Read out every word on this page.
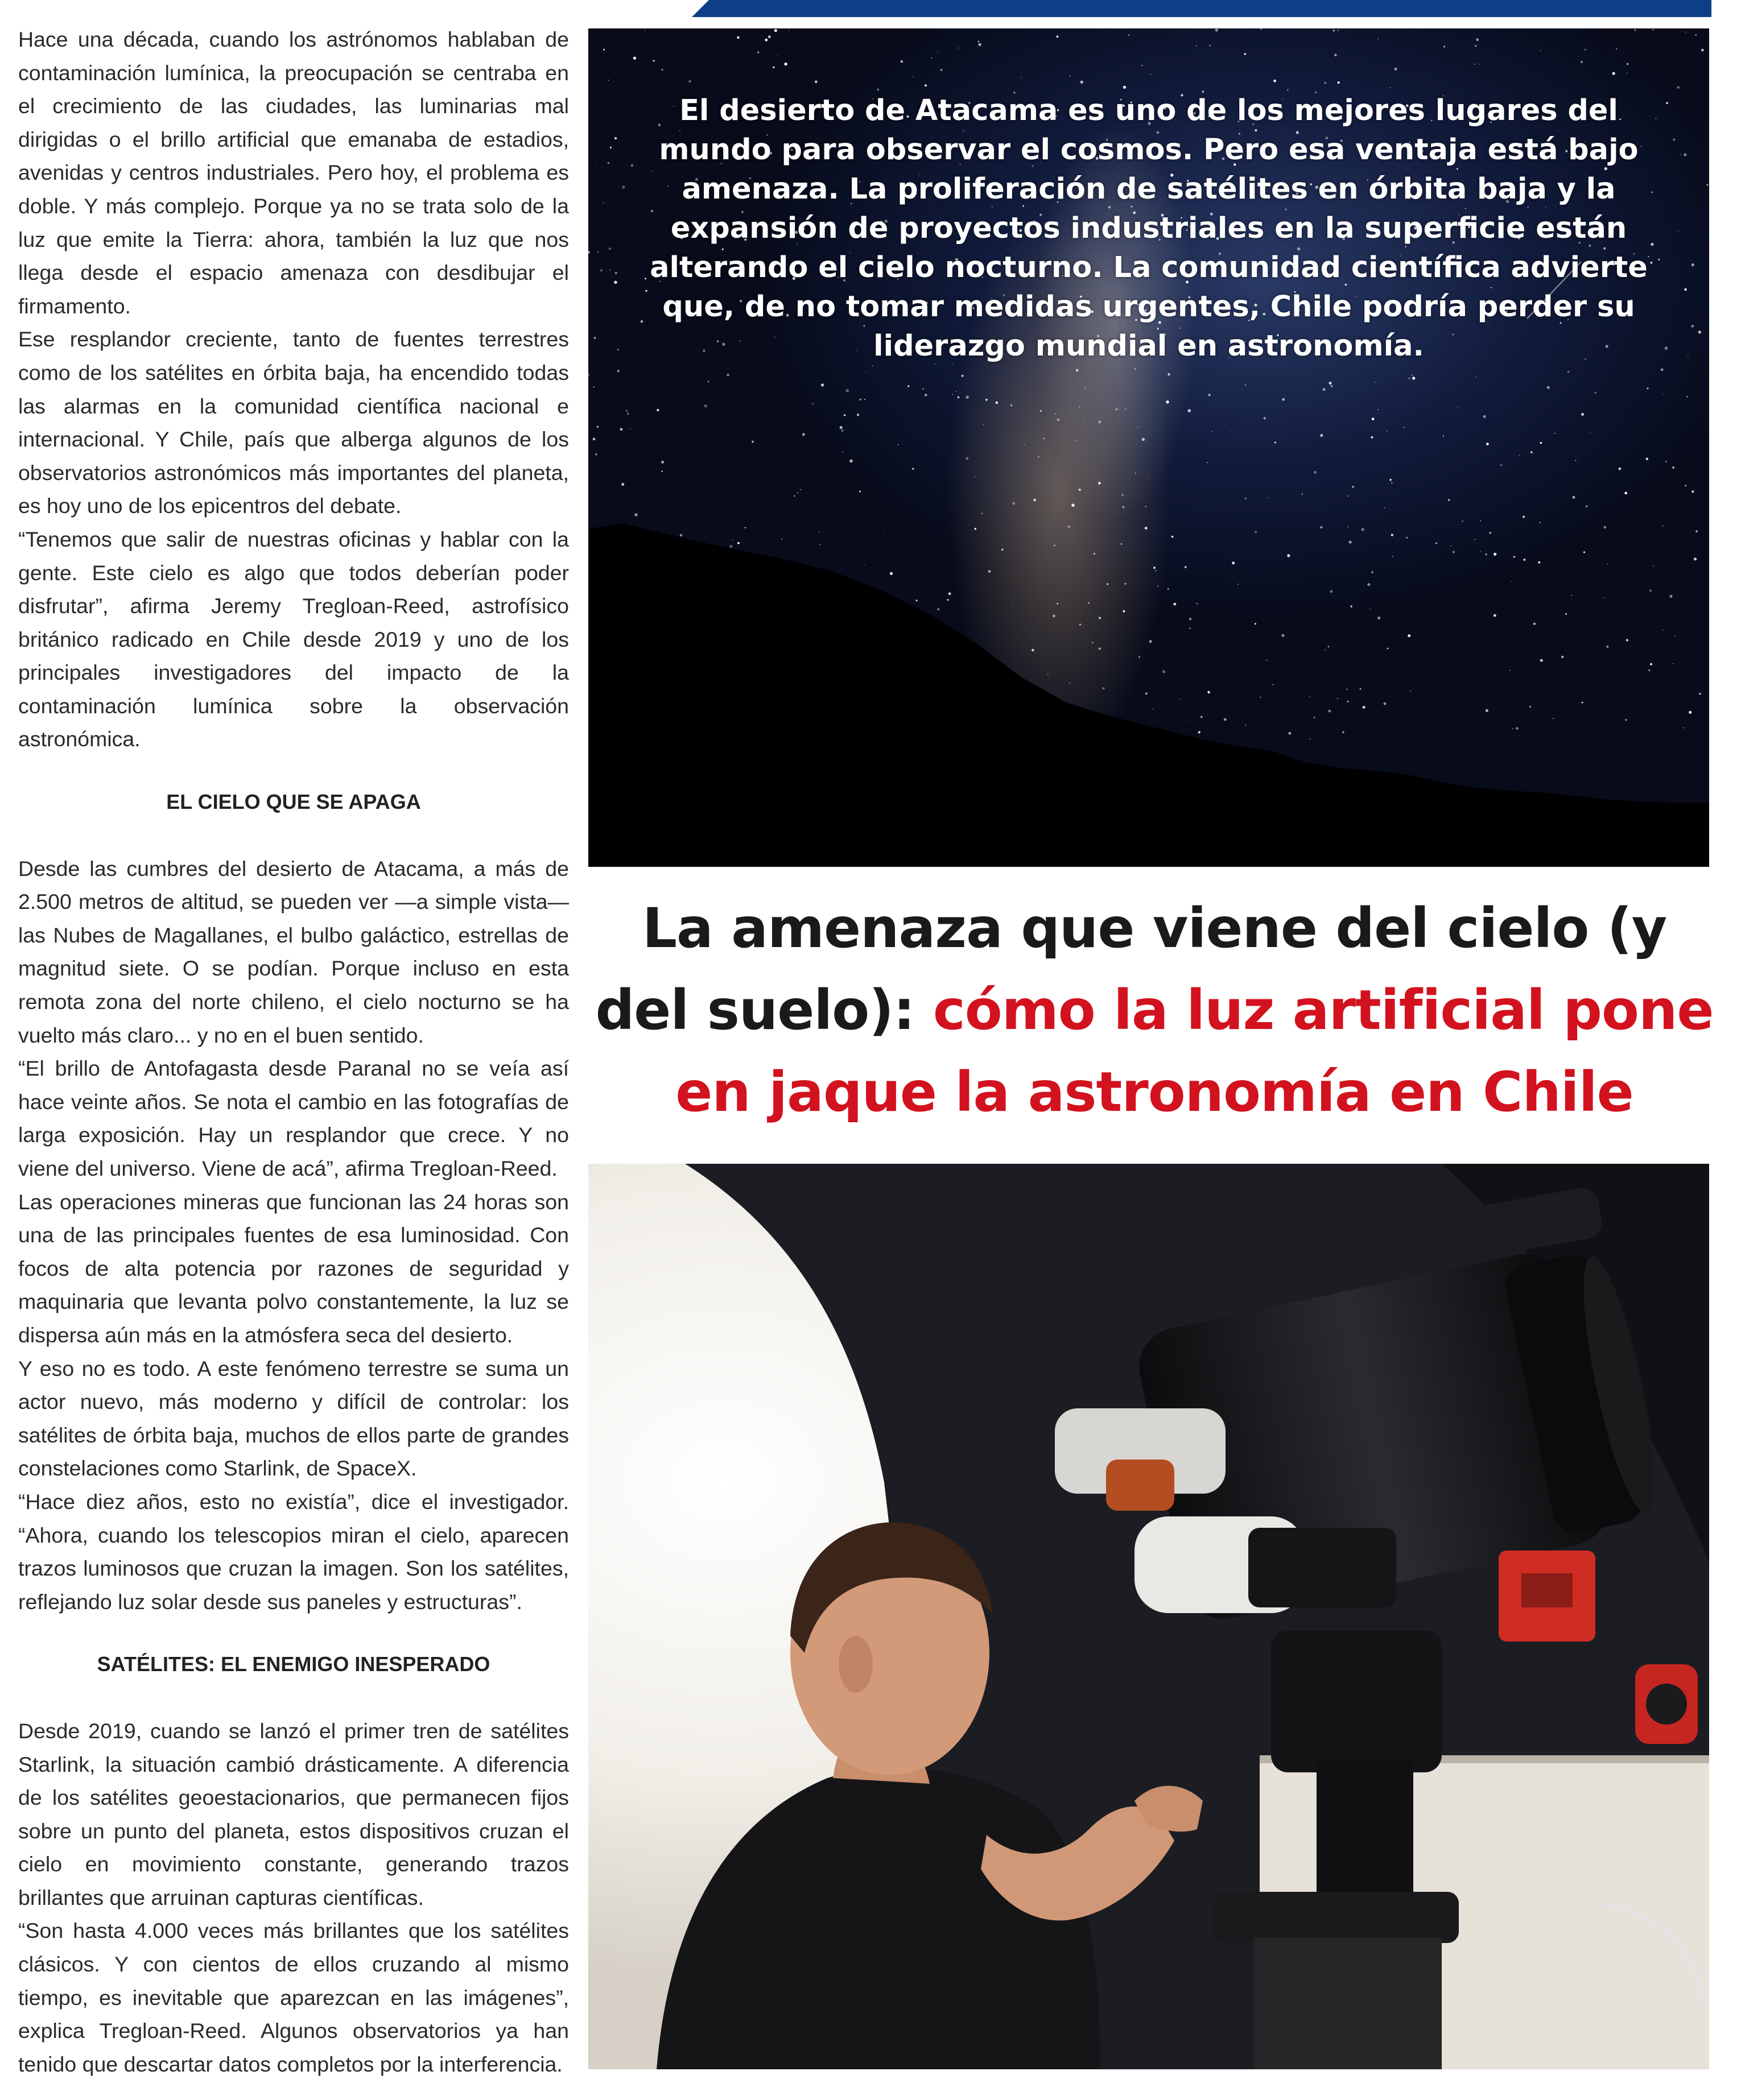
Hace una década, cuando los astrónomos hablaban de contaminación lumínica, la preocupación se centraba en el crecimiento de las ciudades, las luminarias mal dirigidas o el brillo artificial que emanaba de estadios, avenidas y centros industriales. Pero hoy, el problema es doble. Y más complejo. Porque ya no se trata solo de la luz que emite la Tierra: ahora, también la luz que nos llega desde el espacio amenaza con desdibujar el firmamento.

Ese resplandor creciente, tanto de fuentes terrestres como de los satélites en órbita baja, ha encendido todas las alarmas en la comunidad científica nacional e internacional. Y Chile, país que alberga algunos de los observatorios astronómicos más importantes del planeta, es hoy uno de los epicentros del debate.

“Tenemos que salir de nuestras oficinas y hablar con la gente. Este cielo es algo que todos deberían poder disfrutar”, afirma Jeremy Tregloan-Reed, astrofísico británico radicado en Chile desde 2019 y uno de los principales investigadores del impacto de la contaminación lumínica sobre la observación astronómica.

EL CIELO QUE SE APAGA

Desde las cumbres del desierto de Atacama, a más de 2.500 metros de altitud, se pueden ver —a simple vista— las Nubes de Magallanes, el bulbo galáctico, estrellas de magnitud siete. O se podían. Porque incluso en esta remota zona del norte chileno, el cielo nocturno se ha vuelto más claro... y no en el buen sentido.

“El brillo de Antofagasta desde Paranal no se veía así hace veinte años. Se nota el cambio en las fotografías de larga exposición. Hay un resplandor que crece. Y no viene del universo. Viene de acá”, afirma Tregloan-Reed.

Las operaciones mineras que funcionan las 24 horas son una de las principales fuentes de esa luminosidad. Con focos de alta potencia por razones de seguridad y maquinaria que levanta polvo constantemente, la luz se dispersa aún más en la atmósfera seca del desierto.

Y eso no es todo. A este fenómeno terrestre se suma un actor nuevo, más moderno y difícil de controlar: los satélites de órbita baja, muchos de ellos parte de grandes constelaciones como Starlink, de SpaceX.

“Hace diez años, esto no existía”, dice el investigador. “Ahora, cuando los telescopios miran el cielo, aparecen trazos luminosos que cruzan la imagen. Son los satélites, reflejando luz solar desde sus paneles y estructuras”.

SATÉLITES: EL ENEMIGO INESPERADO

Desde 2019, cuando se lanzó el primer tren de satélites Starlink, la situación cambió drásticamente. A diferencia de los satélites geoestacionarios, que permanecen fijos sobre un punto del planeta, estos dispositivos cruzan el cielo en movimiento constante, generando trazos brillantes que arruinan capturas científicas.

“Son hasta 4.000 veces más brillantes que los satélites clásicos. Y con cientos de ellos cruzando al mismo tiempo, es inevitable que aparezcan en las imágenes”, explica Tregloan-Reed. Algunos observatorios ya han tenido que descartar datos completos por la interferencia.

El desierto de Atacama es uno de los mejores lugares del mundo para observar el cosmos. Pero esa ventaja está bajo amenaza. La proliferación de satélites en órbita baja y la expansión de proyectos industriales en la superficie están alterando el cielo nocturno. La comunidad científica advierte que, de no tomar medidas urgentes, Chile podría perder su liderazgo mundial en astronomía.
La amenaza que viene del cielo (y del suelo): cómo la luz artificial pone en jaque la astronomía en Chile
